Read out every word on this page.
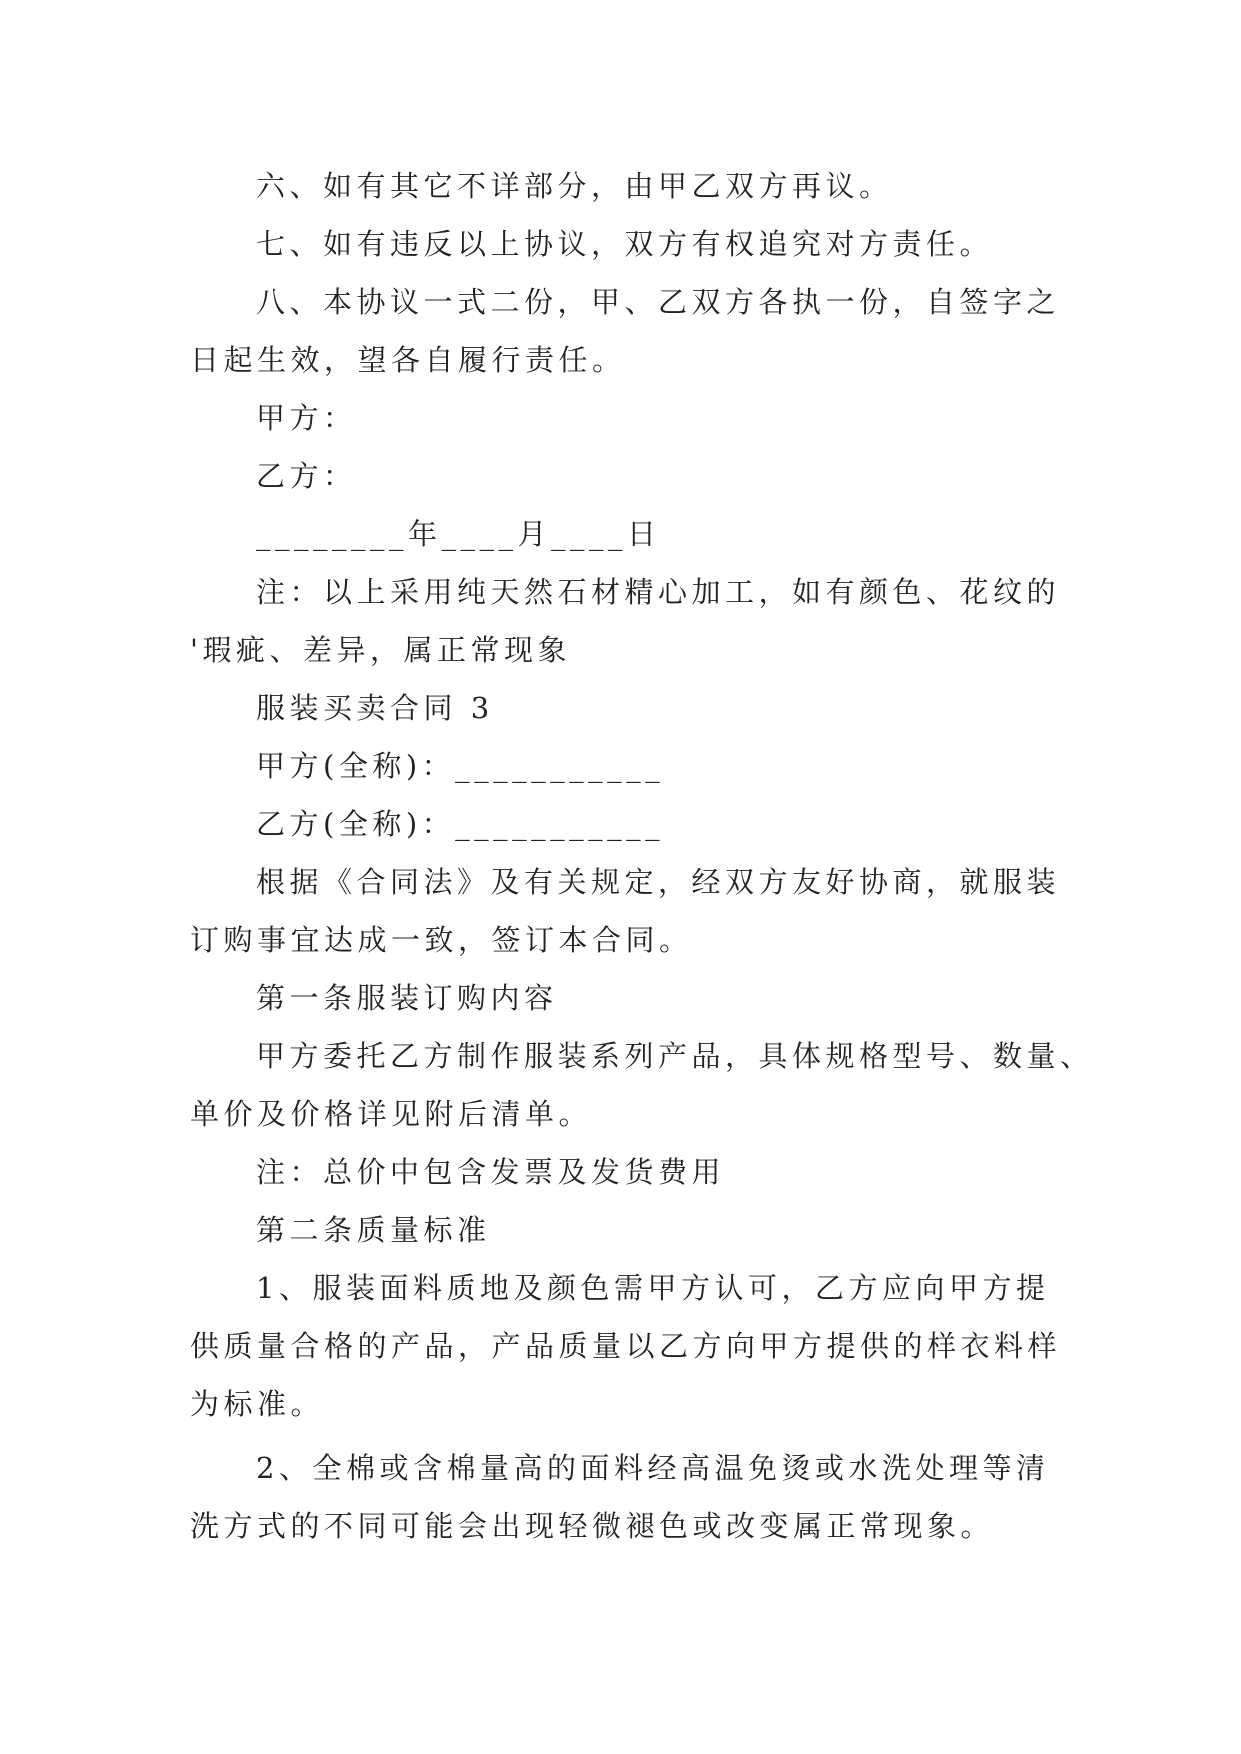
六、如有其它不详部分，由甲乙双方再议。
七、如有违反以上协议，双方有权追究对方责任。
八、本协议一式二份，甲、乙双方各执一份，自签字之
日起生效，望各自履行责任。
甲方：
乙方：
________年____月____日
注：以上采用纯天然石材精心加工，如有颜色、花纹的
'瑕疵、差异，属正常现象
服装买卖合同 3
甲方(全称)：___________
乙方(全称)：___________
根据《合同法》及有关规定，经双方友好协商，就服装
订购事宜达成一致，签订本合同。
第一条服装订购内容
甲方委托乙方制作服装系列产品，具体规格型号、数量、
单价及价格详见附后清单。
注：总价中包含发票及发货费用
第二条质量标准
1、服装面料质地及颜色需甲方认可，乙方应向甲方提
供质量合格的产品，产品质量以乙方向甲方提供的样衣料样
为标准。
2、全棉或含棉量高的面料经高温免烫或水洗处理等清
洗方式的不同可能会出现轻微褪色或改变属正常现象。
